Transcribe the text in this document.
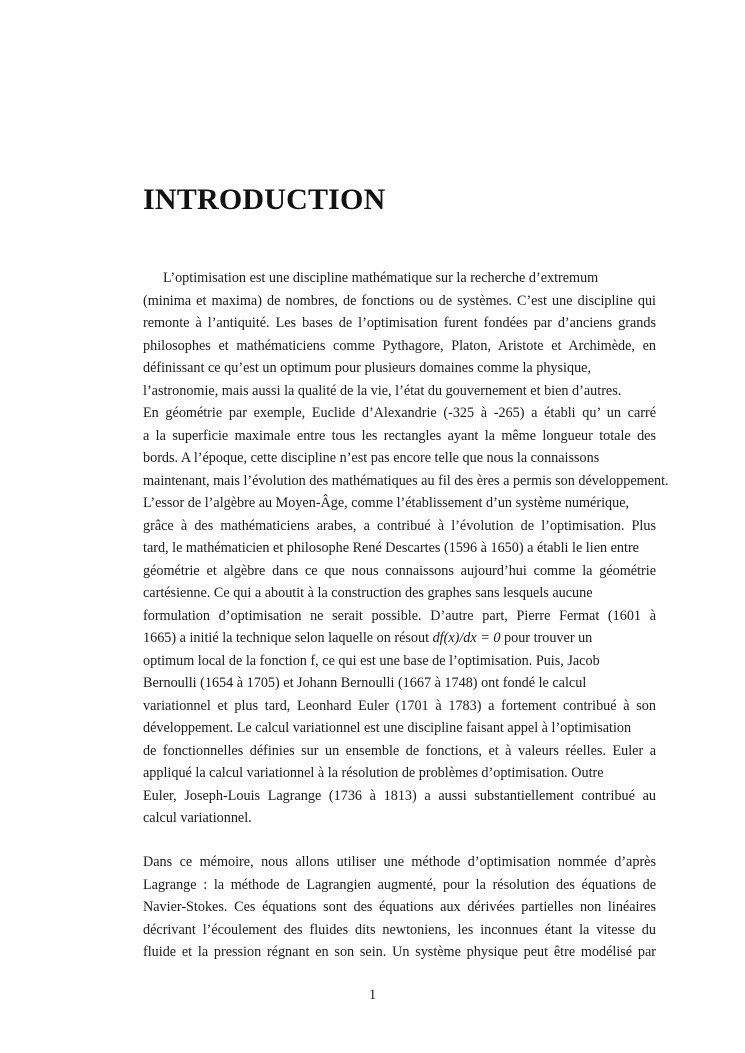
INTRODUCTION
L’optimisation est une discipline mathématique sur la recherche d’extremum
(minima et maxima) de nombres, de fonctions ou de systèmes. C’est une discipline qui
remonte à l’antiquité. Les bases de l’optimisation furent fondées par d’anciens grands
philosophes et mathématiciens comme Pythagore, Platon, Aristote et Archimède, en
définissant ce qu’est un optimum pour plusieurs domaines comme la physique,
l’astronomie, mais aussi la qualité de la vie, l’état du gouvernement et bien d’autres.
En géométrie par exemple, Euclide d’Alexandrie (-325 à -265) a établi qu’ un carré
a la superficie maximale entre tous les rectangles ayant la même longueur totale des
bords. A l’époque, cette discipline n’est pas encore telle que nous la connaissons
maintenant, mais l’évolution des mathématiques au fil des ères a permis son développement.
L’essor de l’algèbre au Moyen-Âge, comme l’établissement d’un système numérique,
grâce à des mathématiciens arabes, a contribué à l’évolution de l’optimisation. Plus
tard, le mathématicien et philosophe René Descartes (1596 à 1650) a établi le lien entre
géométrie et algèbre dans ce que nous connaissons aujourd’hui comme la géométrie
cartésienne. Ce qui a aboutit à la construction des graphes sans lesquels aucune
formulation d’optimisation ne serait possible. D’autre part, Pierre Fermat (1601 à
1665) a initié la technique selon laquelle on résout df(x)/dx = 0 pour trouver un
optimum local de la fonction f, ce qui est une base de l’optimisation. Puis, Jacob
Bernoulli (1654 à 1705) et Johann Bernoulli (1667 à 1748) ont fondé le calcul
variationnel et plus tard, Leonhard Euler (1701 à 1783) a fortement contribué à son
développement. Le calcul variationnel est une discipline faisant appel à l’optimisation
de fonctionnelles définies sur un ensemble de fonctions, et à valeurs réelles. Euler a
appliqué la calcul variationnel à la résolution de problèmes d’optimisation. Outre
Euler, Joseph-Louis Lagrange (1736 à 1813) a aussi substantiellement contribué au
calcul variationnel.
Dans ce mémoire, nous allons utiliser une méthode d’optimisation nommée d’après
Lagrange : la méthode de Lagrangien augmenté, pour la résolution des équations de
Navier-Stokes. Ces équations sont des équations aux dérivées partielles non linéaires
décrivant l’écoulement des fluides dits newtoniens, les inconnues étant la vitesse du
fluide et la pression régnant en son sein. Un système physique peut être modélisé par
1
